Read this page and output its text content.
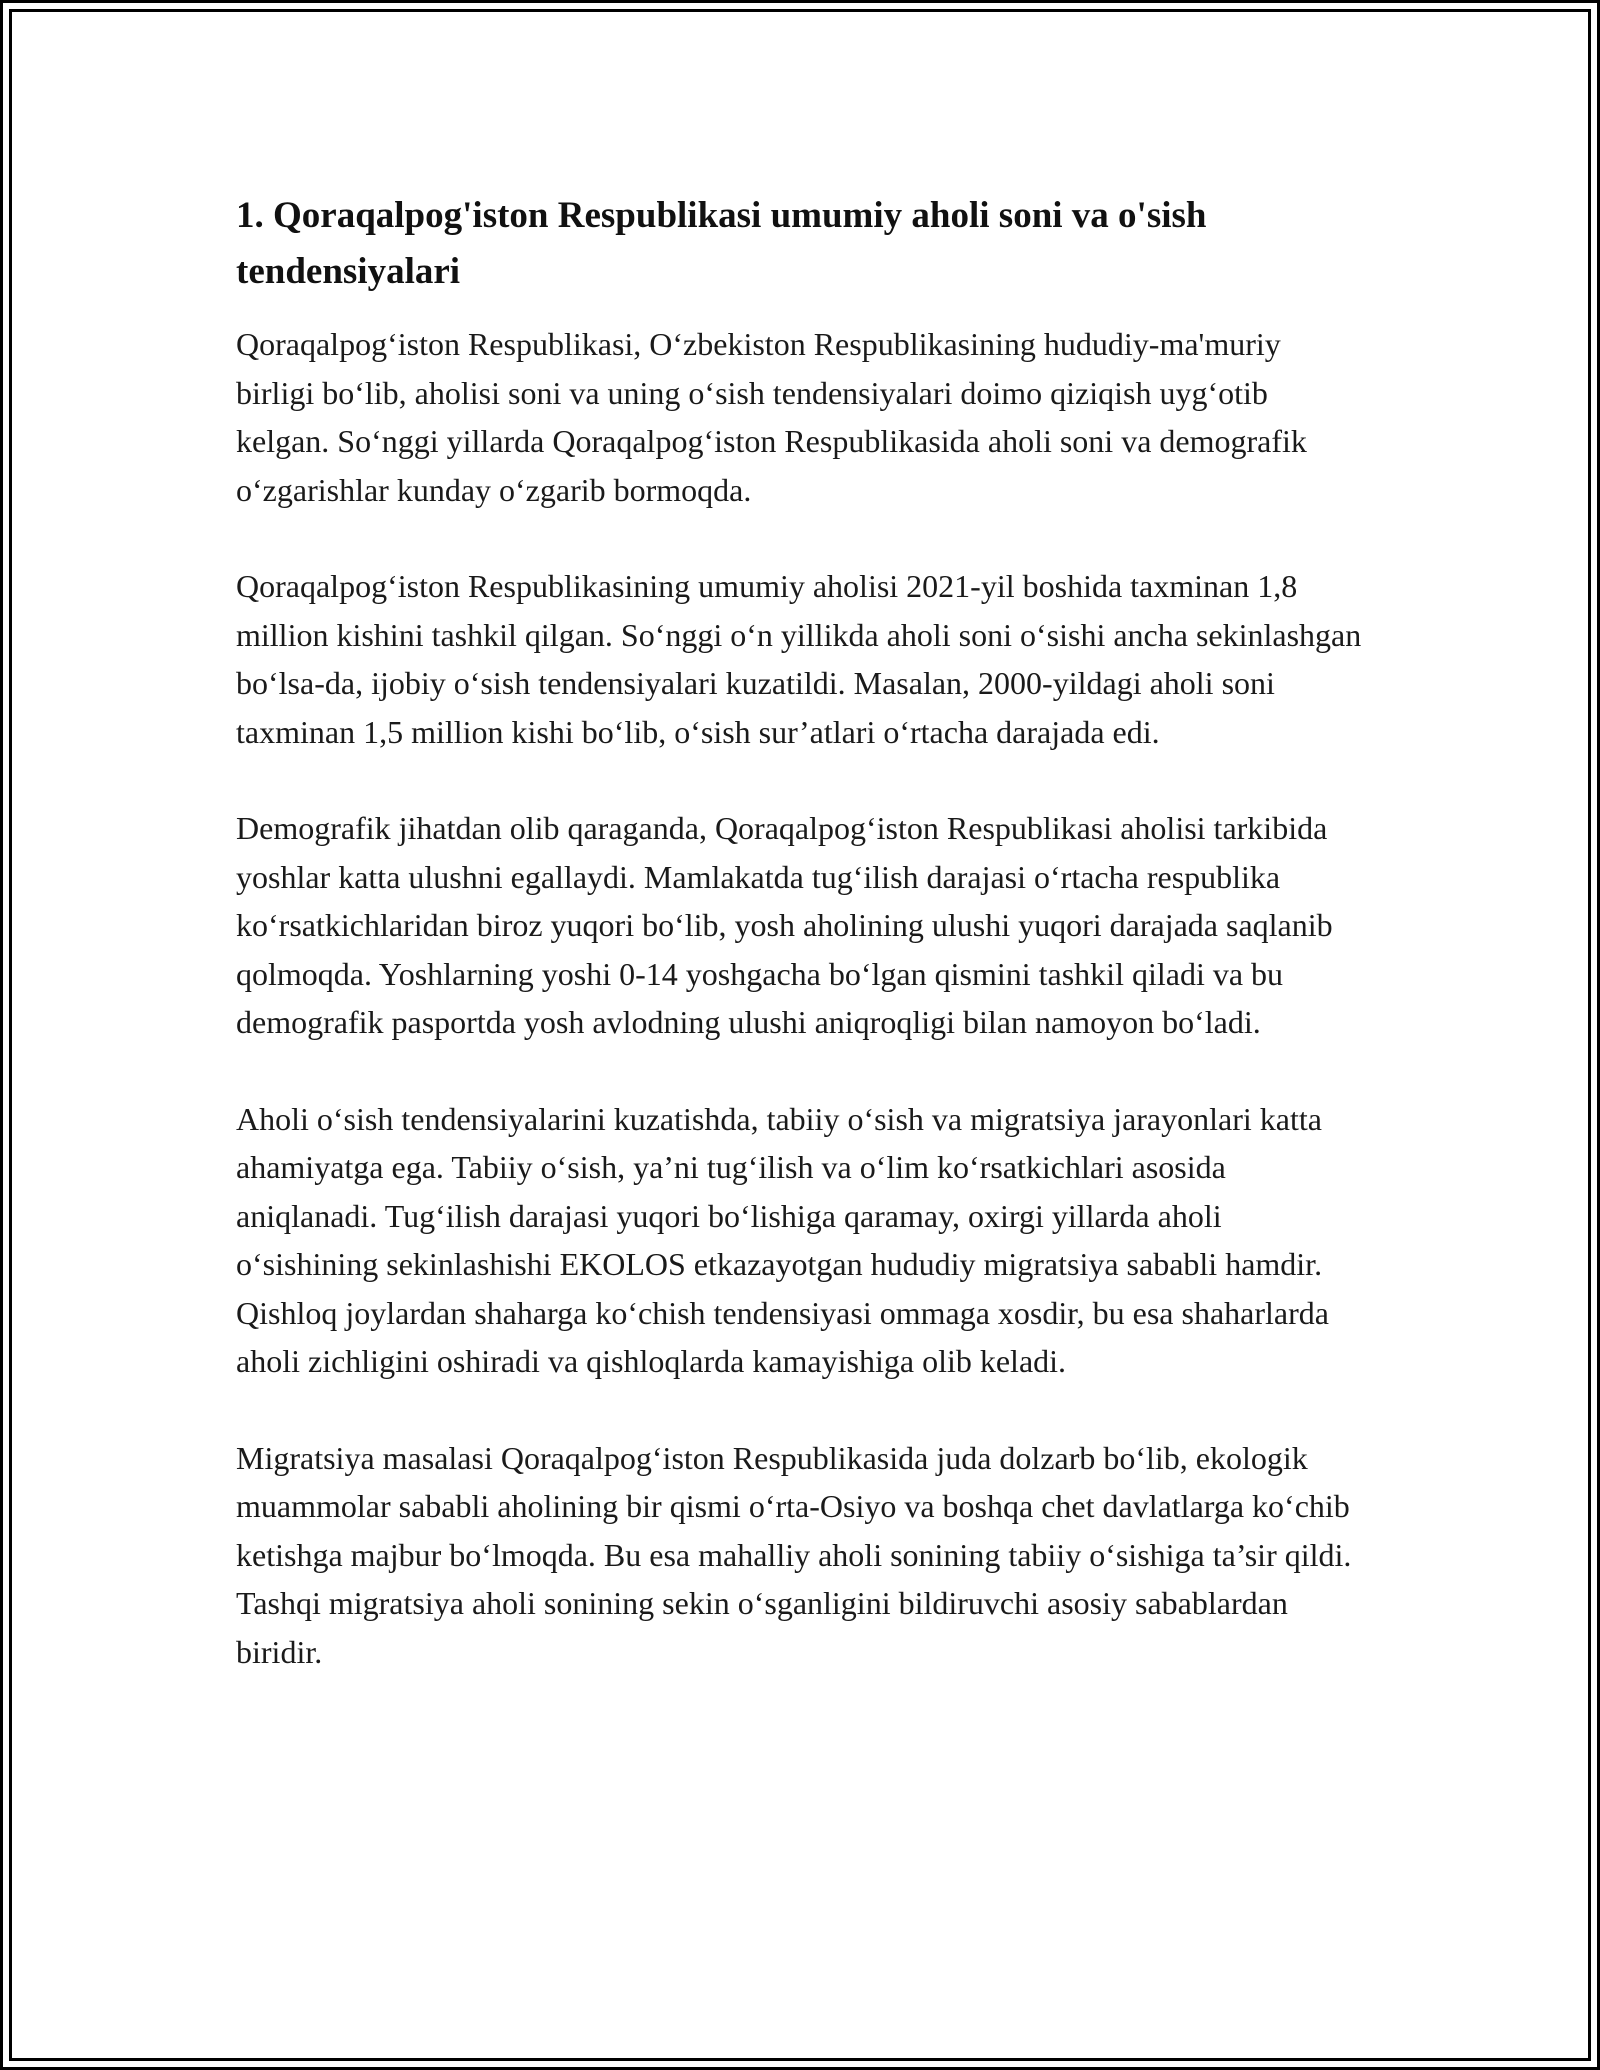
1. Qoraqalpog'iston Respublikasi umumiy aholi soni va o'sish tendensiyalari

Qoraqalpog‘iston Respublikasi, O‘zbekiston Respublikasining hududiy-ma'muriy birligi bo‘lib, aholisi soni va uning o‘sish tendensiyalari doimo qiziqish uyg‘otib kelgan. So‘nggi yillarda Qoraqalpog‘iston Respublikasida aholi soni va demografik o‘zgarishlar kunday o‘zgarib bormoqda.

Qoraqalpog‘iston Respublikasining umumiy aholisi 2021-yil boshida taxminan 1,8 million kishini tashkil qilgan. So‘nggi o‘n yillikda aholi soni o‘sishi ancha sekinlashgan bo‘lsa-da, ijobiy o‘sish tendensiyalari kuzatildi. Masalan, 2000-yildagi aholi soni taxminan 1,5 million kishi bo‘lib, o‘sish sur’atlari o‘rtacha darajada edi.

Demografik jihatdan olib qaraganda, Qoraqalpog‘iston Respublikasi aholisi tarkibida yoshlar katta ulushni egallaydi. Mamlakatda tug‘ilish darajasi o‘rtacha respublika ko‘rsatkichlaridan biroz yuqori bo‘lib, yosh aholining ulushi yuqori darajada saqlanib qolmoqda. Yoshlarning yoshi 0-14 yoshgacha bo‘lgan qismini tashkil qiladi va bu demografik pasportda yosh avlodning ulushi aniqroqligi bilan namoyon bo‘ladi.

Aholi o‘sish tendensiyalarini kuzatishda, tabiiy o‘sish va migratsiya jarayonlari katta ahamiyatga ega. Tabiiy o‘sish, ya’ni tug‘ilish va o‘lim ko‘rsatkichlari asosida aniqlanadi. Tug‘ilish darajasi yuqori bo‘lishiga qaramay, oxirgi yillarda aholi o‘sishining sekinlashishi EKOLOS etkazayotgan hududiy migratsiya sababli hamdir. Qishloq joylardan shaharga ko‘chish tendensiyasi ommaga xosdir, bu esa shaharlarda aholi zichligini oshiradi va qishloqlarda kamayishiga olib keladi.

Migratsiya masalasi Qoraqalpog‘iston Respublikasida juda dolzarb bo‘lib, ekologik muammolar sababli aholining bir qismi o‘rta-Osiyo va boshqa chet davlatlarga ko‘chib ketishga majbur bo‘lmoqda. Bu esa mahalliy aholi sonining tabiiy o‘sishiga ta’sir qildi. Tashqi migratsiya aholi sonining sekin o‘sganligini bildiruvchi asosiy sabablardan biridir.
